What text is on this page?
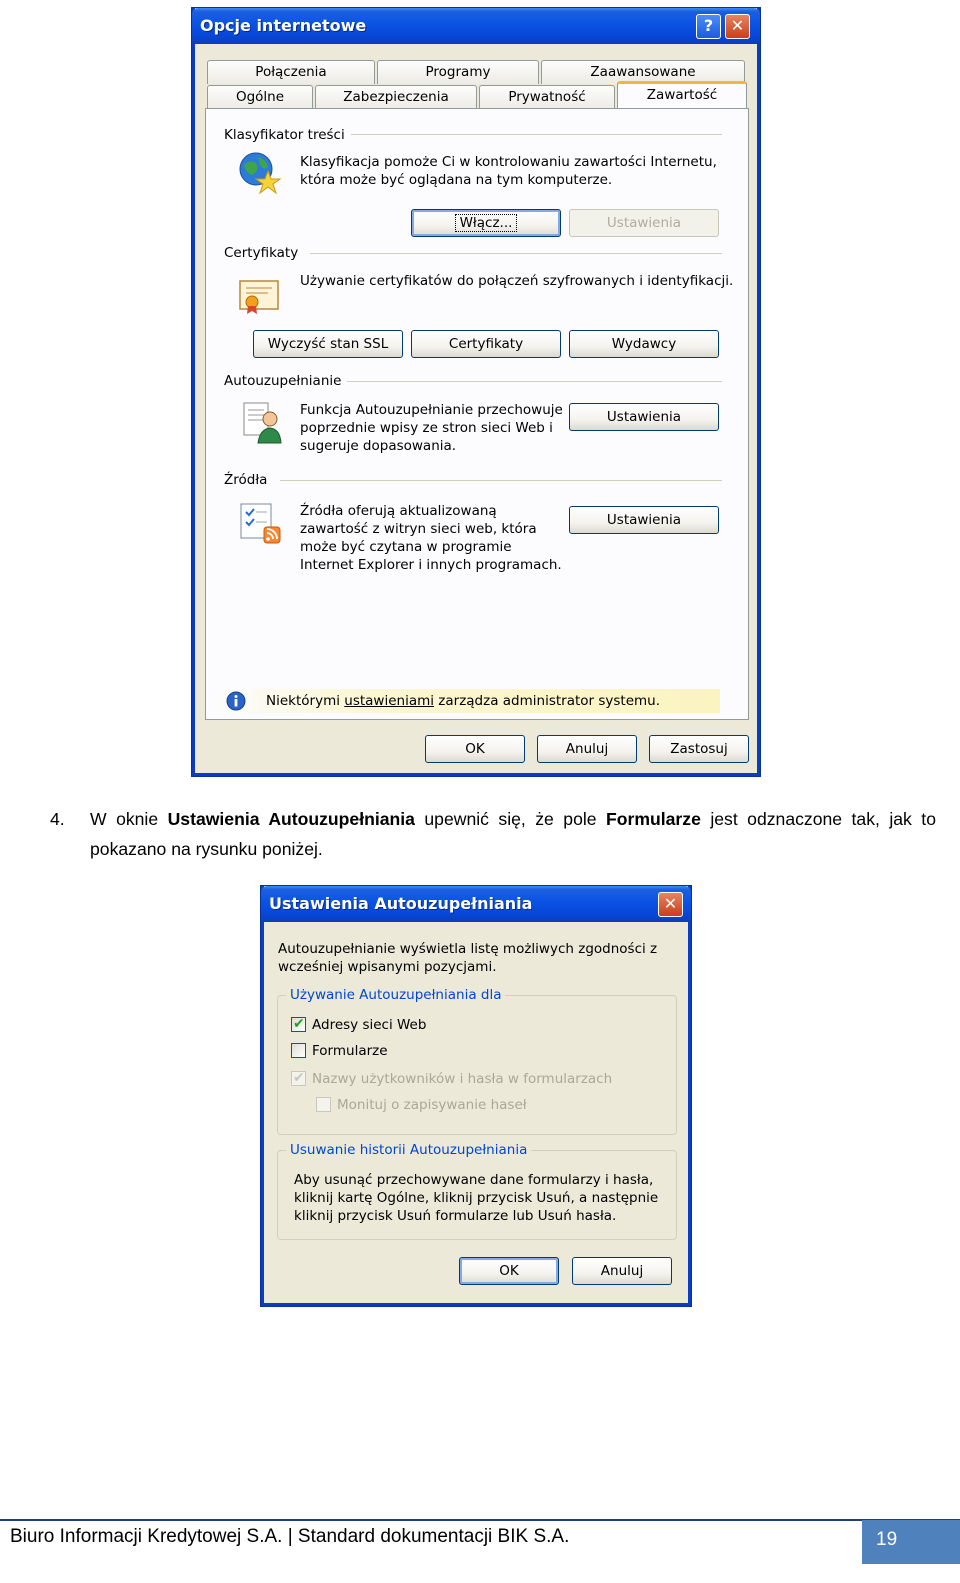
Opcje internetowe	?	✕
Połączenia	Programy	Zaawansowane
Ogólne	Zabezpieczenia	Prywatność	Zawartość
Klasyfikator treści
Klasyfikacja pomoże Ci w kontrolowaniu zawartości Internetu,
która może być oglądana na tym komputerze.
Włącz...	Ustawienia
Certyfikaty
Używanie certyfikatów do połączeń szyfrowanych i identyfikacji.
Wyczyść stan SSL	Certyfikaty	Wydawcy
Autouzupełnianie
Funkcja Autouzupełnianie przechowuje
poprzednie wpisy ze stron sieci Web i
sugeruje dopasowania.
Ustawienia
Źródła
Źródła oferują aktualizowaną
zawartość z witryn sieci web, która
może być czytana w programie
Internet Explorer i innych programach.
Ustawienia
Niektórymi ustawieniami zarządza administrator systemu.
OK	Anuluj	Zastosuj
4. W oknie Ustawienia Autouzupełniania upewnić się, że pole Formularze jest odznaczone tak, jak to
pokazano na rysunku poniżej.
Ustawienia Autouzupełniania	✕
Autouzupełnianie wyświetla listę możliwych zgodności z
wcześniej wpisanymi pozycjami.
Używanie Autouzupełniania dla
✔ Adresy sieci Web
Formularze
✔ Nazwy użytkowników i hasła w formularzach
Monituj o zapisywanie haseł
Usuwanie historii Autouzupełniania
Aby usunąć przechowywane dane formularzy i hasła,
kliknij kartę Ogólne, kliknij przycisk Usuń, a następnie
kliknij przycisk Usuń formularze lub Usuń hasła.
OK	Anuluj
Biuro Informacji Kredytowej S.A. | Standard dokumentacji BIK S.A.	19
